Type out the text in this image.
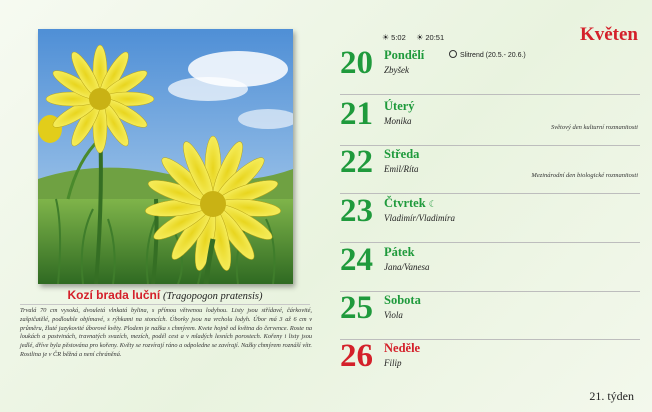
Kozí brada luční (Tragopogon pratensis)
Trvalá 70 cm vysoká, dvouletá vlnkatá bylina, s přímou větvenou lodyhou. Listy jsou střídavé, čárkovité, zašpičatělé, podlouhle objímavé, s rýhkami na stoncích. Úborky jsou na vrcholu lodyh. Úbor má 3 až 6 cm v průměru, žluté jazykovité úborové květy. Plodem je nažka s chmýrem. Kvete hojně od května do července. Roste na loukách a pastvinách, travnatých svazích, mezích, podél cest a v mladých lesních porostech. Kořeny i listy jsou jedlé, dříve byla pěstována pro kořeny. Květy se rozvírají ráno a odpoledne se zavírají. Nažky chmýrem roznáší vítr. Rostlina je v ČR běžná a není chráněná.
Květen
☀ 5:02 ☀ 20:51
Slitrend (20.5.- 20.6.)
20 Pondělí
Zbyšek
21 Úterý
Monika
Světový den kulturní rozmanitosti
22 Středa
Emil/Ríta
Mezinárodní den biologické rozmanitosti
23 Čtvrtek ☾
Vladimír/Vladimíra
24 Pátek
Jana/Vanesa
25 Sobota
Viola
26 Neděle
Filip
21. týden
